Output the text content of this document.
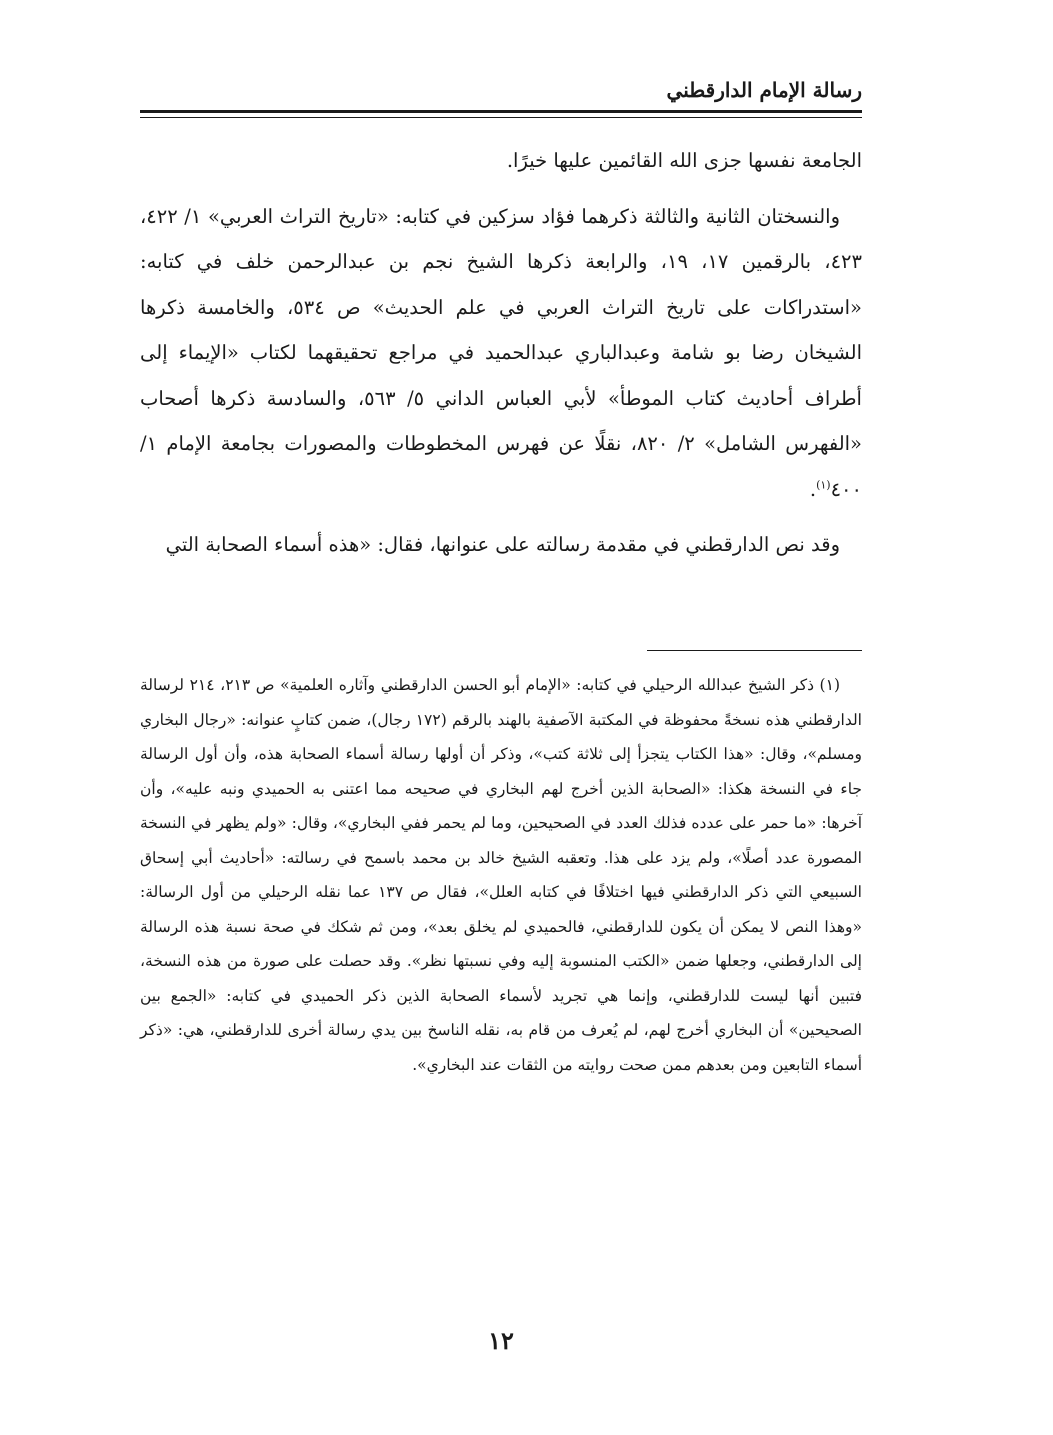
رسالة الإمام الدارقطني

الجامعة نفسها جزى الله القائمين عليها خيرًا.

والنسختان الثانية والثالثة ذكرهما فؤاد سزكين في كتابه: «تاريخ التراث العربي» ١/ ٤٢٢، ٤٢٣، بالرقمين ١٧، ١٩، والرابعة ذكرها الشيخ نجم بن عبدالرحمن خلف في كتابه: «استدراكات على تاريخ التراث العربي في علم الحديث» ص ٥٣٤، والخامسة ذكرها الشيخان رضا بو شامة وعبدالباري عبدالحميد في مراجع تحقيقهما لكتاب «الإيماء إلى أطراف أحاديث كتاب الموطأ» لأبي العباس الداني ٥/ ٥٦٣، والسادسة ذكرها أصحاب «الفهرس الشامل» ٢/ ٨٢٠، نقلًا عن فهرس المخطوطات والمصورات بجامعة الإمام ١/ ٤٠٠$^{(١)}$.

وقد نص الدارقطني في مقدمة رسالته على عنوانها، فقال: «هذه أسماء الصحابة التي

(١) ذكر الشيخ عبدالله الرحيلي في كتابه: «الإمام أبو الحسن الدارقطني وآثاره العلمية» ص ٢١٣، ٢١٤ لرسالة الدارقطني هذه نسخةً محفوظة في المكتبة الآصفية بالهند بالرقم (١٧٢ رجال)، ضمن كتابٍ عنوانه: «رجال البخاري ومسلم»، وقال: «هذا الكتاب يتجزأ إلى ثلاثة كتب»، وذكر أن أولها رسالة أسماء الصحابة هذه، وأن أول الرسالة جاء في النسخة هكذا: «الصحابة الذين أخرج لهم البخاري في صحيحه مما اعتنى به الحميدي ونبه عليه»، وأن آخرها: «ما حمر على عدده فذلك العدد في الصحيحين، وما لم يحمر ففي البخاري»، وقال: «ولم يظهر في النسخة المصورة عدد أصلًا»، ولم يزد على هذا. وتعقبه الشيخ خالد بن محمد باسمح في رسالته: «أحاديث أبي إسحاق السبيعي التي ذكر الدارقطني فيها اختلافًا في كتابه العلل»، فقال ص ١٣٧ عما نقله الرحيلي من أول الرسالة: «وهذا النص لا يمكن أن يكون للدارقطني، فالحميدي لم يخلق بعد»، ومن ثم شكك في صحة نسبة هذه الرسالة إلى الدارقطني، وجعلها ضمن «الكتب المنسوبة إليه وفي نسبتها نظر». وقد حصلت على صورة من هذه النسخة، فتبين أنها ليست للدارقطني، وإنما هي تجريد لأسماء الصحابة الذين ذكر الحميدي في كتابه: «الجمع بين الصحيحين» أن البخاري أخرج لهم، لم يُعرف من قام به، نقله الناسخ بين يدي رسالة أخرى للدارقطني، هي: «ذكر أسماء التابعين ومن بعدهم ممن صحت روايته من الثقات عند البخاري».

١٢
